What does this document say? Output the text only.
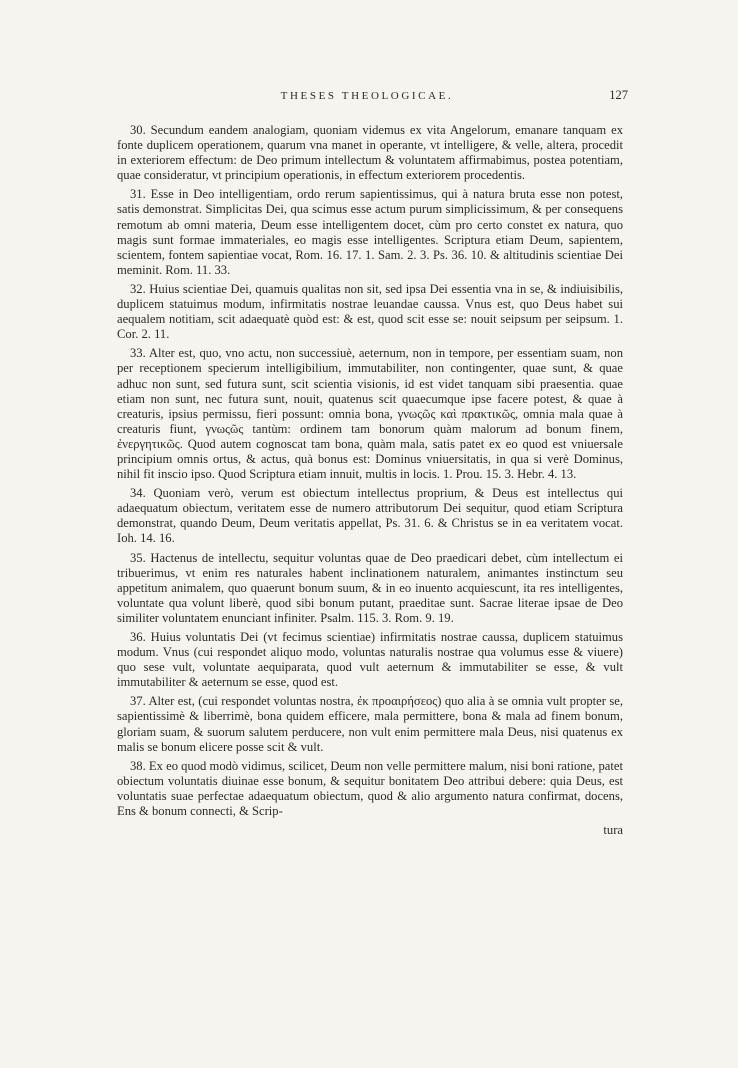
THESES THEOLOGICAE.	127

30. Secundum eandem analogiam, quoniam videmus ex vita Angelorum, emanare tanquam ex fonte duplicem operationem, quarum vna manet in operante, vt intelligere, & velle, altera, procedit in exteriorem effectum: de Deo primum intellectum & voluntatem affirmabimus, postea potentiam, quae consideratur, vt principium operationis, in effectum exteriorem procedentis.

31. Esse in Deo intelligentiam, ordo rerum sapientissimus, qui à natura bruta esse non potest, satis demonstrat. Simplicitas Dei, qua scimus esse actum purum simplicissimum, & per consequens remotum ab omni materia, Deum esse intelligentem docet, cùm pro certo constet ex natura, quo magis sunt formae immateriales, eo magis esse intelligentes. Scriptura etiam Deum, sapientem, scientem, fontem sapientiae vocat, Rom. 16. 17. 1. Sam. 2. 3. Ps. 36. 10. & altitudinis scientiae Dei meminit. Rom. 11. 33.

32. Huius scientiae Dei, quamuis qualitas non sit, sed ipsa Dei essentia vna in se, & indiuisibilis, duplicem statuimus modum, infirmitatis nostrae leuandae caussa. Vnus est, quo Deus habet sui aequalem notitiam, scit adaequatè quòd est: & est, quod scit esse se: nouit seipsum per seipsum. 1. Cor. 2. 11.

33. Alter est, quo, vno actu, non successiuè, aeternum, non in tempore, per essentiam suam, non per receptionem specierum intelligibilium, immutabiliter, non contingenter, quae sunt, & quae adhuc non sunt, sed futura sunt, scit scientia visionis, id est videt tanquam sibi praesentia. quae etiam non sunt, nec futura sunt, nouit, quatenus scit quaecumque ipse facere potest, & quae à creaturis, ipsius permissu, fieri possunt: omnia bona, γνωςῶς καὶ πρακτικῶς, omnia mala quae à creaturis fiunt, γνωςῶς tantùm: ordinem tam bonorum quàm malorum ad bonum finem, ἐνεργητικῶς. Quod autem cognoscat tam bona, quàm mala, satis patet ex eo quod est vniuersale principium omnis ortus, & actus, quà bonus est: Dominus vniuersitatis, in qua si verè Dominus, nihil fit inscio ipso. Quod Scriptura etiam innuit, multis in locis. 1. Prou. 15. 3. Hebr. 4. 13.

34. Quoniam verò, verum est obiectum intellectus proprium, & Deus est intellectus qui adaequatum obiectum, veritatem esse de numero attributorum Dei sequitur, quod etiam Scriptura demonstrat, quando Deum, Deum veritatis appellat, Ps. 31. 6. & Christus se in ea veritatem vocat. Ioh. 14. 16.

35. Hactenus de intellectu, sequitur voluntas quae de Deo praedicari debet, cùm intellectum ei tribuerimus, vt enim res naturales habent inclinationem naturalem, animantes instinctum seu appetitum animalem, quo quaerunt bonum suum, & in eo inuento acquiescunt, ita res intelligentes, voluntate qua volunt liberè, quod sibi bonum putant, praeditae sunt. Sacrae literae ipsae de Deo similiter voluntatem enunciant infiniter. Psalm. 115. 3. Rom. 9. 19.

36. Huius voluntatis Dei (vt fecimus scientiae) infirmitatis nostrae caussa, duplicem statuimus modum. Vnus (cui respondet aliquo modo, voluntas naturalis nostrae qua volumus esse & viuere) quo sese vult, voluntate aequiparata, quod vult aeternum & immutabiliter se esse, & vult immutabiliter & aeternum se esse, quod est.

37. Alter est, (cui respondet voluntas nostra, ἐκ προαιρήσεος) quo alia à se omnia vult propter se, sapientissimè & liberrimè, bona quidem efficere, mala permittere, bona & mala ad finem bonum, gloriam suam, & suorum salutem perducere, non vult enim permittere mala Deus, nisi quatenus ex malis se bonum elicere posse scit & vult.

38. Ex eo quod modò vidimus, scilicet, Deum non velle permittere malum, nisi boni ratione, patet obiectum voluntatis diuinae esse bonum, & sequitur bonitatem Deo attribui debere: quia Deus, est voluntatis suae perfectae adaequatum obiectum, quod & alio argumento natura confirmat, docens, Ens & bonum connecti, & Scrip-

tura
